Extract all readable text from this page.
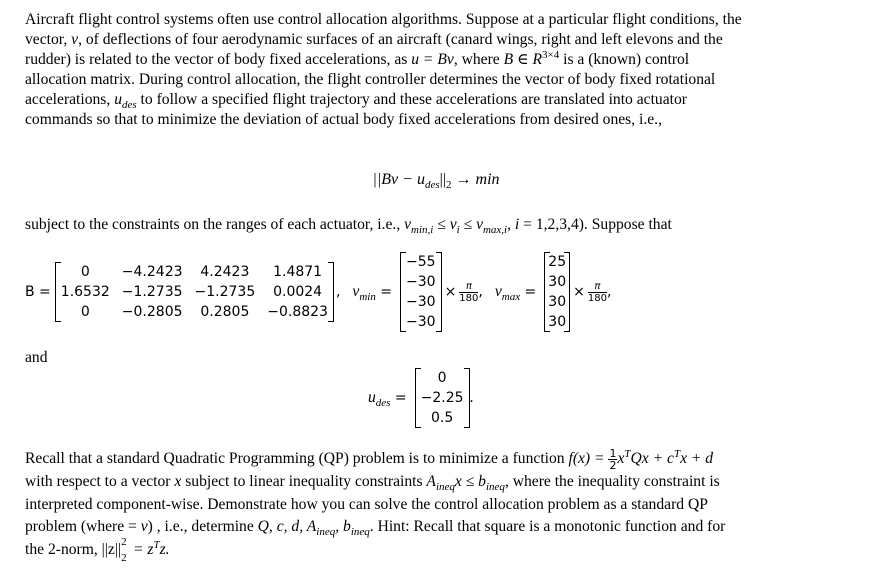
Aircraft flight control systems often use control allocation algorithms. Suppose at a particular flight conditions, the
vector, v, of deflections of four aerodynamic surfaces of an aircraft (canard wings, right and left elevons and the
rudder) is related to the vector of body fixed accelerations, as u = Bv, where B ∈ $R^{3\times 4}$ is a (known) control
allocation matrix. During control allocation, the flight controller determines the vector of body fixed rotational
accelerations, $u_{des}$ to follow a specified flight trajectory and these accelerations are translated into actuator
commands so that to minimize the deviation of actual body fixed accelerations from desired ones, i.e.,
$||Bv - u_{des}||_2 \to \min$
subject to the constraints on the ranges of each actuator, i.e., $v_{min,i} \le v_i \le v_{max,i}$, i = 1,2,3,4). Suppose that
B =
0	−4.2423	4.2423	1.4871
1.6532	−1.2735	−1.2735	0.0024
0	−0.2805	0.2805	−0.8823
, $v_{min}$ =
−55
−30
−30
−30
× $\frac{\pi}{180}$ , $v_{max}$ =
25
30
30
30
× $\frac{\pi}{180}$ ,
and
$u_{des}$ =
0
−2.25
0.5
.
Recall that a standard Quadratic Programming (QP) problem is to minimize a function $f(x) = \frac{1}{2} x^TQx + c^Tx + d$
with respect to a vector x subject to linear inequality constraints $A_{ineq}x \le b_{ineq}$, where the inequality constraint is
interpreted component-wise. Demonstrate how you can solve the control allocation problem as a standard QP
problem (where = v) , i.e., determine Q, c, d, $A_{ineq}$, $b_{ineq}$. Hint: Recall that square is a monotonic function and for
the 2-norm, ||z|| 2
$2 = z^Tz$.
